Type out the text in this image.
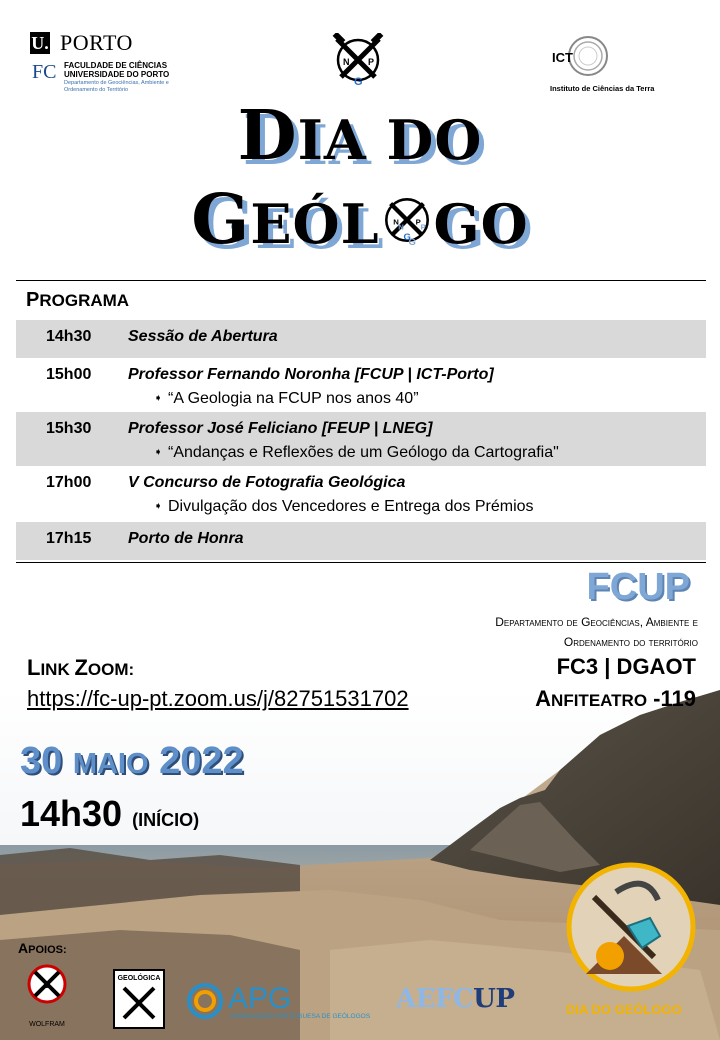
U. PORTO
FC FACULDADE DE CIÊNCIAS
UNIVERSIDADE DO PORTO
Departamento de Geociências, Ambiente e Ordenamento do Território
N P
G
ICT
Instituto de Ciências da Terra
DIA DO
GEÓL N P
G GO
PROGRAMA
14h30 Sessão de Abertura
15h00 Professor Fernando Noronha [FCUP | ICT-Porto]
➧ “A Geologia na FCUP nos anos 40”
15h30 Professor José Feliciano [FEUP | LNEG]
➧ “Andanças e Reflexões de um Geólogo da Cartografia"
17h00 V Concurso de Fotografia Geológica
➧ Divulgação dos Vencedores e Entrega dos Prémios
17h15 Porto de Honra
FCUP
Departamento de Geociências, Ambiente e
Ordenamento do território
FC3 | DGAOT
ANFITEATRO -119
LINK ZOOM:
https://fc-up-pt.zoom.us/j/82751531702
30 MAIO 2022
14h30 (INÍCIO)
APOIOS:
D
WOLFRAM
GEOLÓGICA
APG
ASSOCIAÇÃO PORTUGUESA DE GEÓLOGOS
AEFCUP	DIA DO GEÓLOGO
